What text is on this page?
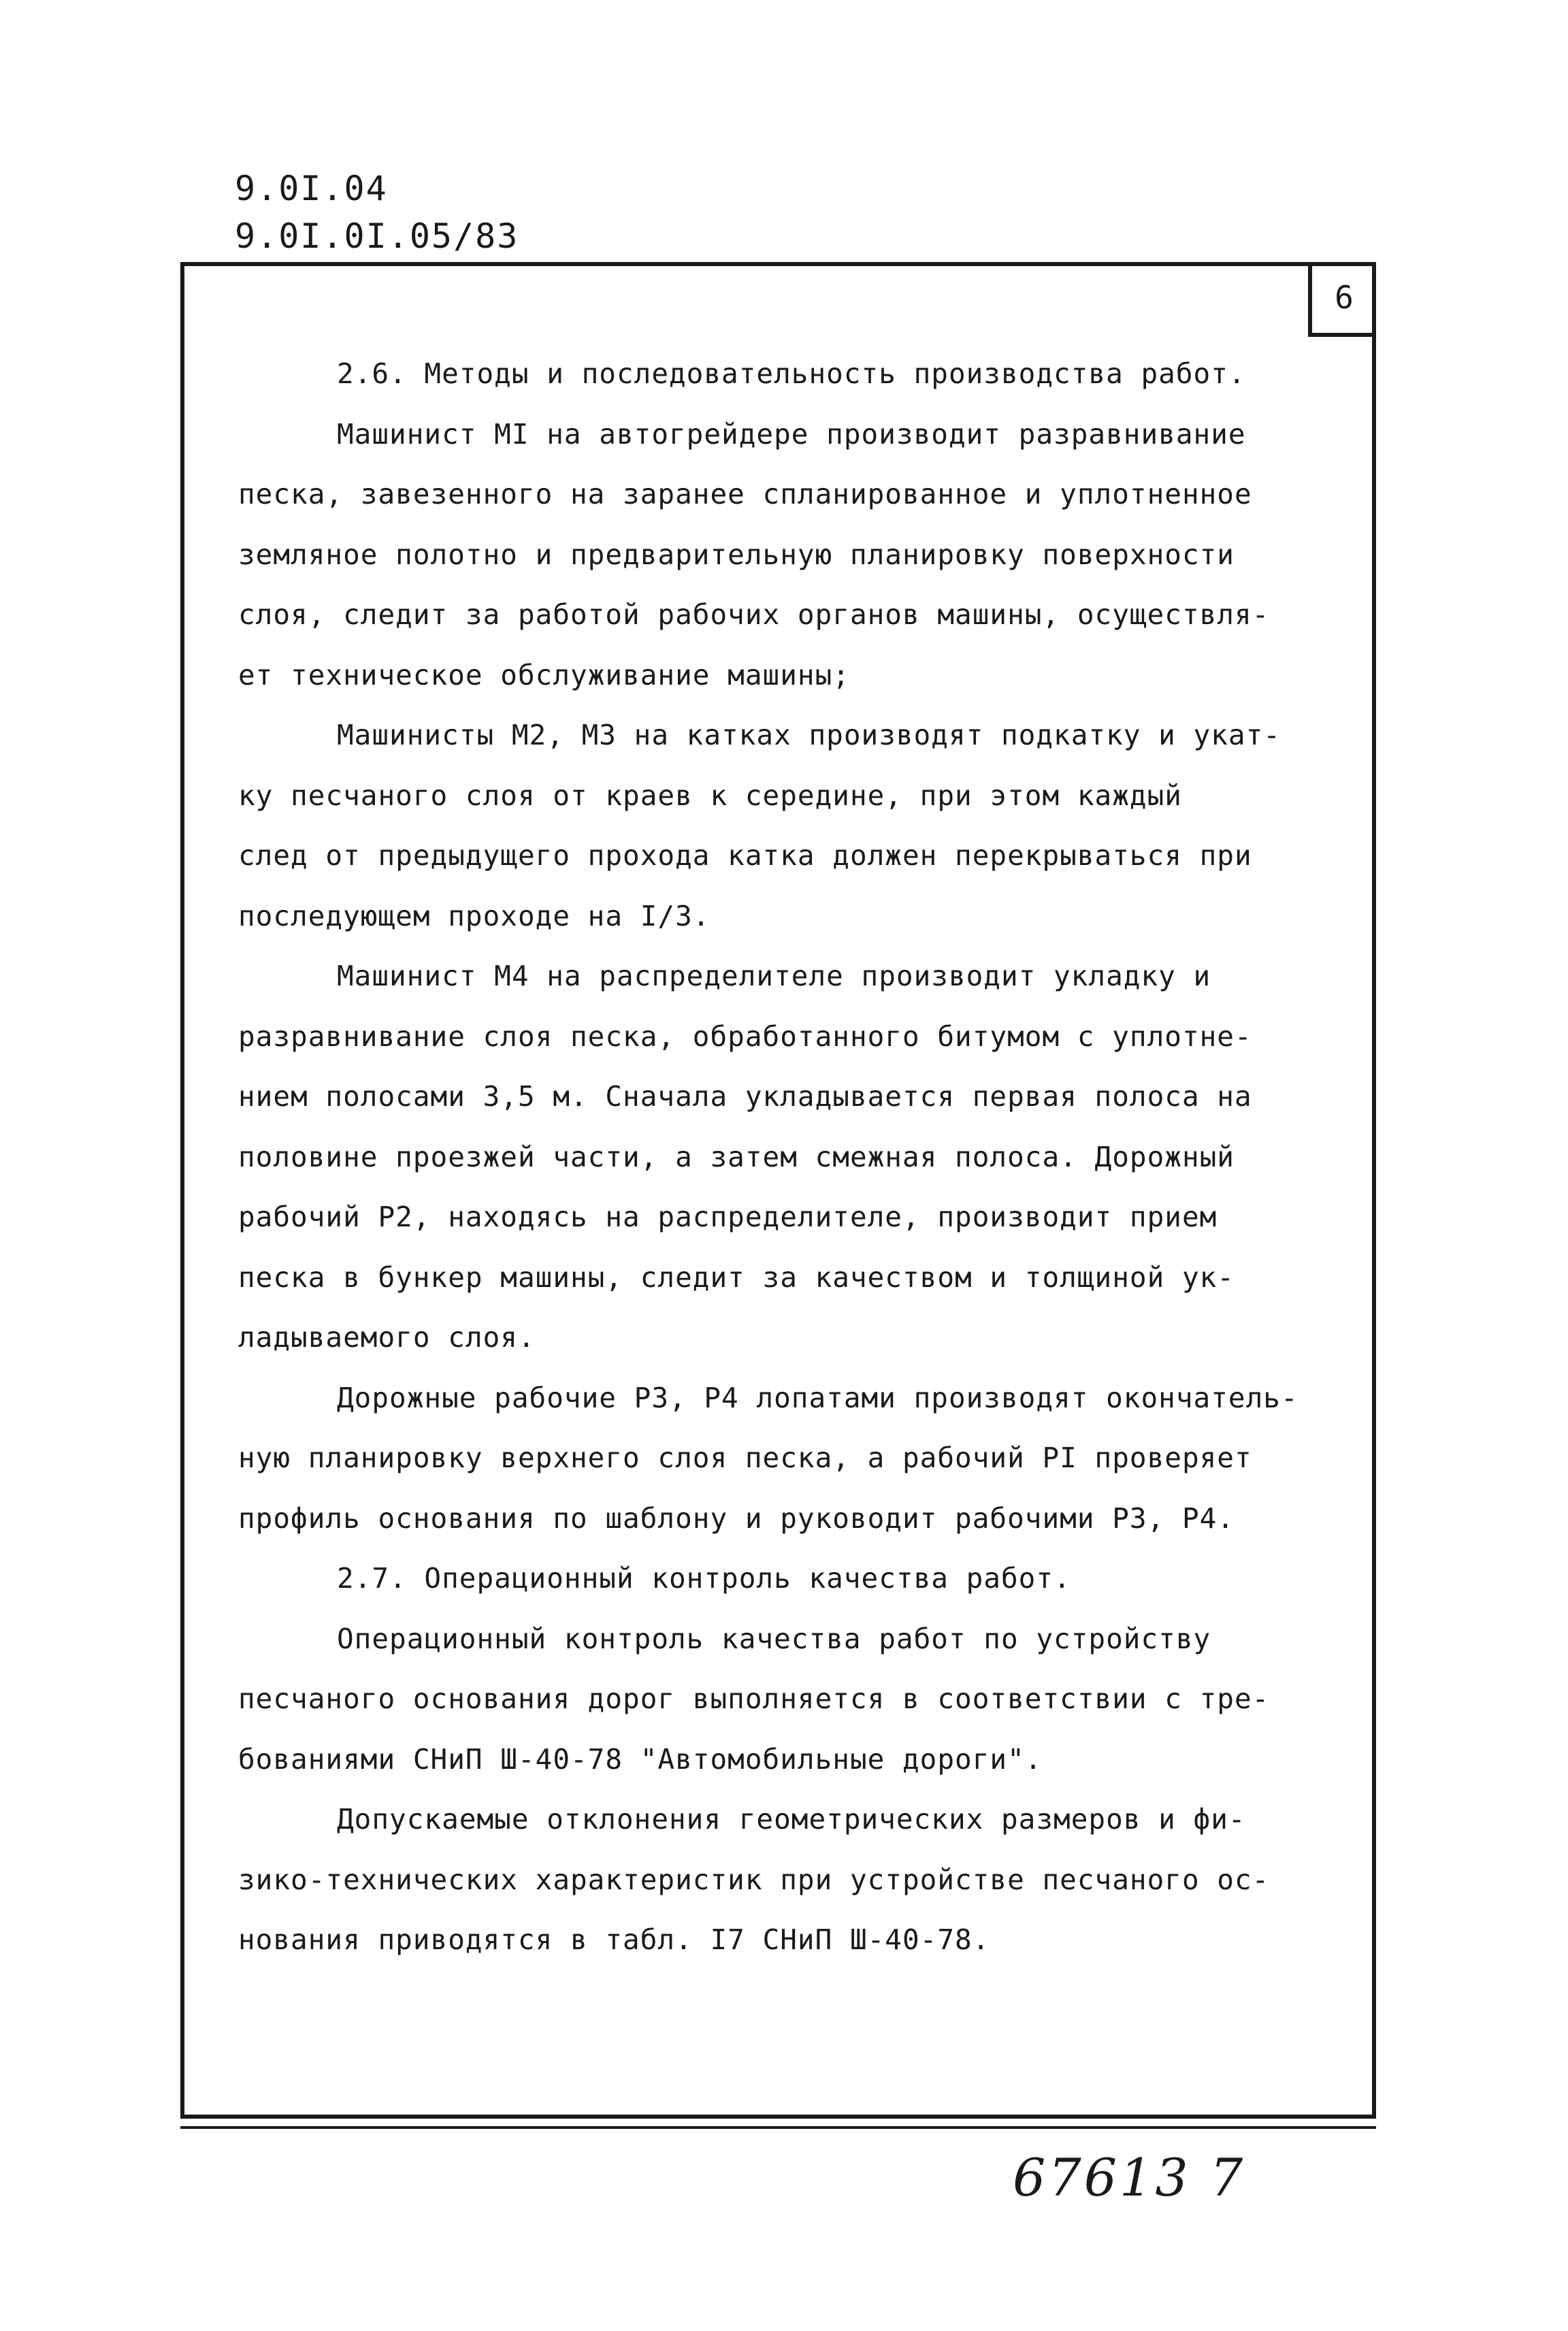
9.0I.04
9.0I.0I.05/83
6
2.6. Методы и последовательность производства работ.
Машинист МI на автогрейдере производит разравнивание
песка, завезенного на заранее спланированное и уплотненное
земляное полотно и предварительную планировку поверхности
слоя, следит за работой рабочих органов машины, осуществля-
ет техническое обслуживание машины;
Машинисты М2, М3 на катках производят подкатку и укат-
ку песчаного слоя от краев к середине, при этом каждый
след от предыдущего прохода катка должен перекрываться при
последующем проходе на I/3.
Машинист М4 на распределителе производит укладку и
разравнивание слоя песка, обработанного битумом с уплотне-
нием полосами 3,5 м. Сначала укладывается первая полоса на
половине проезжей части, а затем смежная полоса. Дорожный
рабочий Р2, находясь на распределителе, производит прием
песка в бункер машины, следит за качеством и толщиной ук-
ладываемого слоя.
Дорожные рабочие Р3, Р4 лопатами производят окончатель-
ную планировку верхнего слоя песка, а рабочий РI проверяет
профиль основания по шаблону и руководит рабочими Р3, Р4.
2.7. Операционный контроль качества работ.
Операционный контроль качества работ по устройству
песчаного основания дорог выполняется в соответствии с тре-
бованиями СНиП Ш-40-78 "Автомобильные дороги".
Допускаемые отклонения геометрических размеров и фи-
зико-технических характеристик при устройстве песчаного ос-
нования приводятся в табл. I7 СНиП Ш-40-78.
67613 7
